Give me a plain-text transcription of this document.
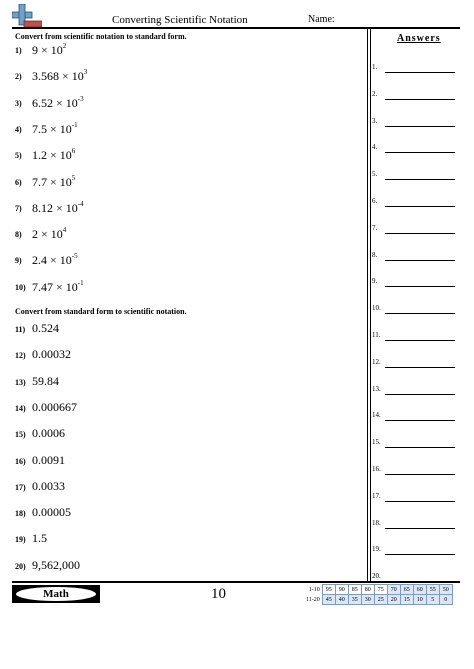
Converting Scientific Notation	Name:
Convert from scientific notation to standard form.
1) $9 \times 10^2$
2) $3.568 \times 10^3$
3) $6.52 \times 10^{-3}$
4) $7.5 \times 10^{-1}$
5) $1.2 \times 10^6$
6) $7.7 \times 10^5$
7) $8.12 \times 10^{-4}$
8) $2 \times 10^4$
9) $2.4 \times 10^{-5}$
10) $7.47 \times 10^{-1}$
Convert from standard form to scientific notation.
11) 0.524
12) 0.00032
13) 59.84
14) 0.000667
15) 0.0006
16) 0.0091
17) 0.0033
18) 0.00005
19) 1.5
20) 9,562,000
Answers
1.
2.
3.
4.
5.
6.
7.
8.
9.
10.
11.
12.
13.
14.
15.
16.
17.
18.
19.
20.
Math	10	1-10	95	90	85	80	75	70	65	60	55	50
11-20	45	40	35	30	25	20	15	10	5	0
